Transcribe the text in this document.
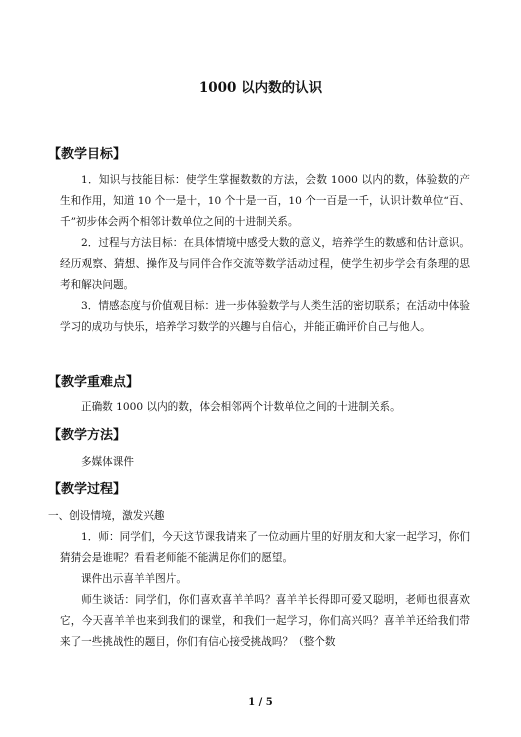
1000 以内数的认识
【教学目标】
1．知识与技能目标：使学生掌握数数的方法，会数 1000 以内的数，体验数的产生和作用，知道 10 个一是十，10 个十是一百，10 个一百是一千，认识计数单位“百、千”初步体会两个相邻计数单位之间的十进制关系。
2．过程与方法目标：在具体情境中感受大数的意义，培养学生的数感和估计意识。经历观察、猜想、操作及与同伴合作交流等数学活动过程，使学生初步学会有条理的思考和解决问题。
3．情感态度与价值观目标：进一步体验数学与人类生活的密切联系；在活动中体验学习的成功与快乐，培养学习数学的兴趣与自信心，并能正确评价自己与他人。
【教学重难点】
正确数 1000 以内的数，体会相邻两个计数单位之间的十进制关系。
【教学方法】
多媒体课件
【教学过程】
一、创设情境，激发兴趣
1．师：同学们，今天这节课我请来了一位动画片里的好朋友和大家一起学习，你们猜猜会是谁呢？看看老师能不能满足你们的愿望。
课件出示喜羊羊图片。
师生谈话：同学们，你们喜欢喜羊羊吗？喜羊羊长得即可爱又聪明，老师也很喜欢它，今天喜羊羊也来到我们的课堂，和我们一起学习，你们高兴吗？喜羊羊还给我们带来了一些挑战性的题目，你们有信心接受挑战吗？（整个数
1 / 5
